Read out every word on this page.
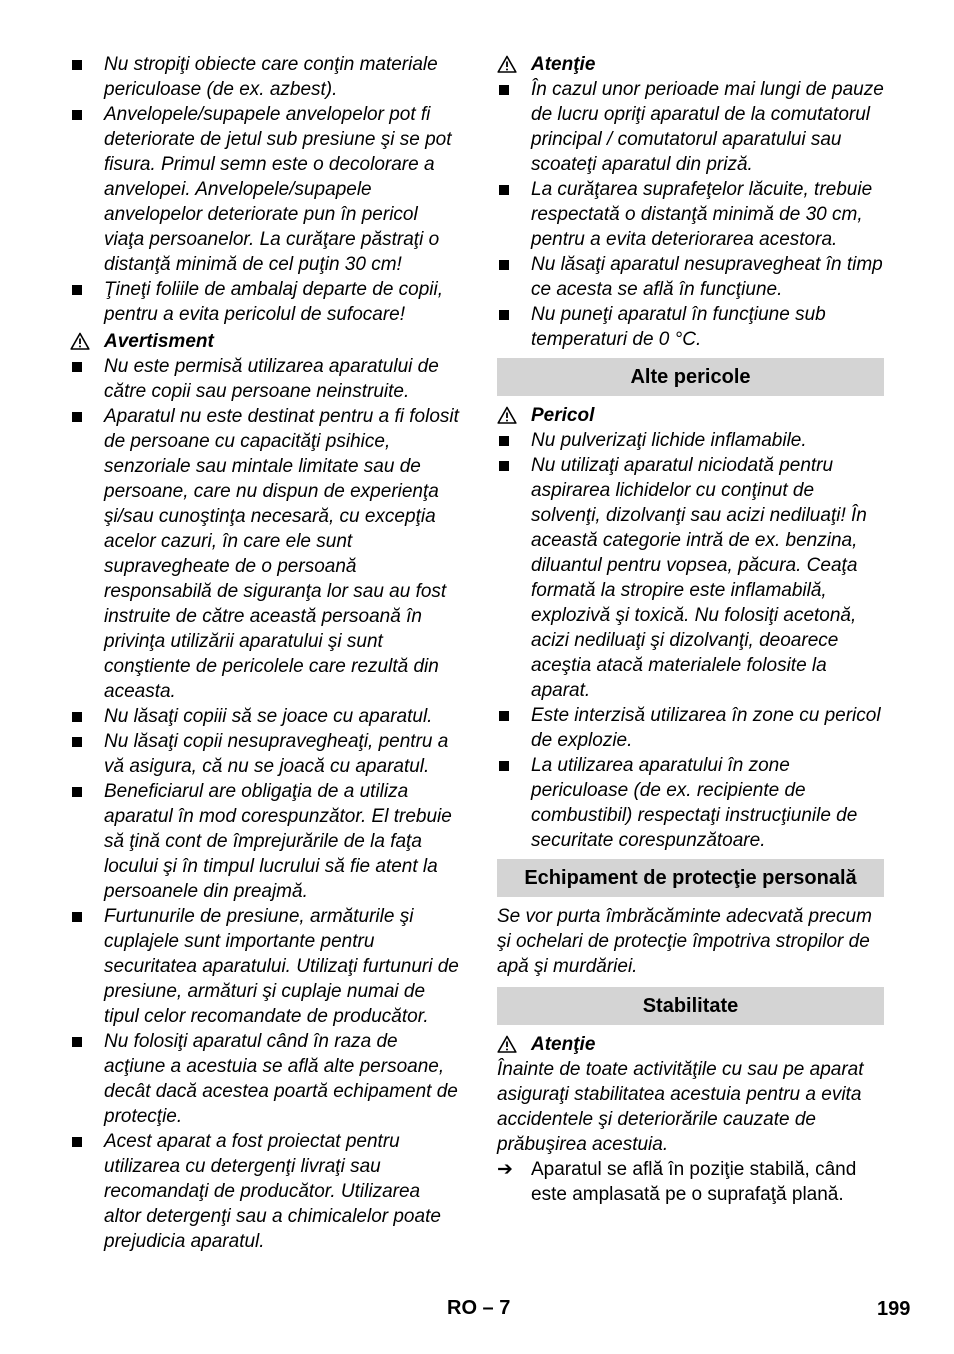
Nu stropiţi obiecte care conţin materiale periculoase (de ex. azbest).
Anvelopele/supapele anvelopelor pot fi deteriorate de jetul sub presiune şi se pot fisura. Primul semn este o decolorare a anvelopei. Anvelopele/supapele anvelopelor deteriorate pun în pericol viaţa persoanelor. La curăţare păstraţi o distanţă minimă de cel puţin 30 cm!
Ţineţi foliile de ambalaj departe de copii, pentru a evita pericolul de sufocare!
Avertisment
Nu este permisă utilizarea aparatului de către copii sau persoane neinstruite.
Aparatul nu este destinat pentru a fi folosit de persoane cu capacităţi psihice, senzoriale sau mintale limitate sau de persoane, care nu dispun de experienţa şi/sau cunoştinţa necesară, cu excepţia acelor cazuri, în care ele sunt supravegheate de o persoană responsabilă de siguranţa lor sau au fost instruite de către această persoană în privinţa utilizării aparatului şi sunt conştiente de pericolele care rezultă din aceasta.
Nu lăsaţi copiii să se joace cu aparatul.
Nu lăsaţi copii nesupravegheaţi, pentru a vă asigura, că nu se joacă cu aparatul.
Beneficiarul are obligaţia de a utiliza aparatul în mod corespunzător. El trebuie să ţină cont de împrejurările de la faţa locului şi în timpul lucrului să fie atent la persoanele din preajmă.
Furtunurile de presiune, armăturile şi cuplajele sunt importante pentru securitatea aparatului. Utilizaţi furtunuri de presiune, armături şi cuplaje numai de tipul celor recomandate de producător.
Nu folosiţi aparatul când în raza de acţiune a acestuia se află alte persoane, decât dacă acestea poartă echipament de protecţie.
Acest aparat a fost proiectat pentru utilizarea cu detergenţi livraţi sau recomandaţi de producător. Utilizarea altor detergenţi sau a chimicalelor poate prejudicia aparatul.
Atenţie
În cazul unor perioade mai lungi de pauze de lucru opriţi aparatul de la comutatorul principal / comutatorul aparatului sau scoateţi aparatul din priză.
La curăţarea suprafeţelor lăcuite, trebuie respectată o distanţă minimă de 30 cm, pentru a evita deteriorarea acestora.
Nu lăsaţi aparatul nesupravegheat în timp ce acesta se află în funcţiune.
Nu puneţi aparatul în funcţiune sub temperaturi de 0 °C.
Alte pericole
Pericol
Nu pulverizaţi lichide inflamabile.
Nu utilizaţi aparatul niciodată pentru aspirarea lichidelor cu conţinut de solvenţi, dizolvanţi sau acizi nediluaţi! În această categorie intră de ex. benzina, diluantul pentru vopsea, păcura. Ceaţa formată la stropire este inflamabilă, explozivă şi toxică. Nu folosiţi acetonă, acizi nediluaţi şi dizolvanţi, deoarece aceştia atacă materialele folosite la aparat.
Este interzisă utilizarea în zone cu pericol de explozie.
La utilizarea aparatului în zone periculoase (de ex. recipiente de combustibil) respectaţi instrucţiunile de securitate corespunzătoare.
Echipament de protecţie personală

Se vor purta îmbrăcăminte adecvată precum şi ochelari de protecţie împotriva stropilor de apă şi murdăriei.

Stabilitate
Atenţie

Înainte de toate activităţile cu sau pe aparat asiguraţi stabilitatea acestuia pentru a evita accidentele şi deteriorările cauzate de prăbuşirea acestuia.

➔ Aparatul se află în poziţie stabilă, când este amplasată pe o suprafaţă plană.
RO – 7	199
